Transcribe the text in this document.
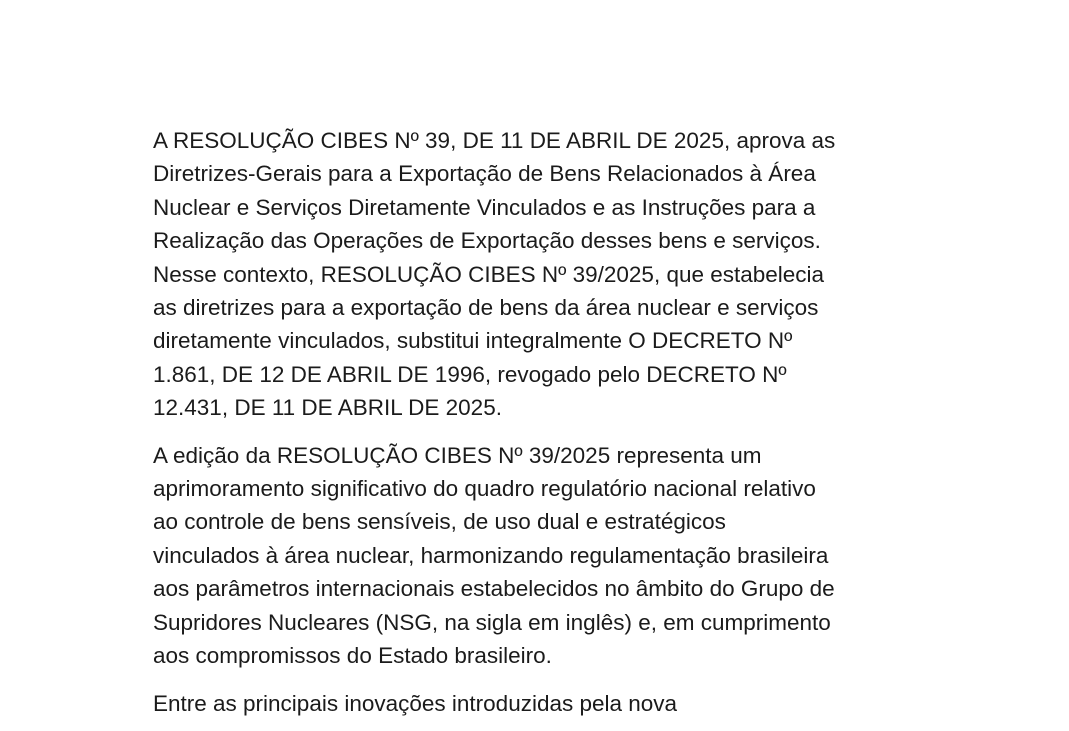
A RESOLUÇÃO CIBES Nº 39, DE 11 DE ABRIL DE 2025, aprova as
Diretrizes-Gerais para a Exportação de Bens Relacionados à Área
Nuclear e Serviços Diretamente Vinculados e as Instruções para a
Realização das Operações de Exportação desses bens e serviços.
Nesse contexto, RESOLUÇÃO CIBES Nº 39/2025, que estabelecia
as diretrizes para a exportação de bens da área nuclear e serviços
diretamente vinculados, substitui integralmente O DECRETO Nº
1.861, DE 12 DE ABRIL DE 1996, revogado pelo DECRETO Nº
12.431, DE 11 DE ABRIL DE 2025.

A edição da RESOLUÇÃO CIBES Nº 39/2025 representa um
aprimoramento significativo do quadro regulatório nacional relativo
ao controle de bens sensíveis, de uso dual e estratégicos
vinculados à área nuclear, harmonizando regulamentação brasileira
aos parâmetros internacionais estabelecidos no âmbito do Grupo de
Supridores Nucleares (NSG, na sigla em inglês) e, em cumprimento
aos compromissos do Estado brasileiro.

Entre as principais inovações introduzidas pela nova
